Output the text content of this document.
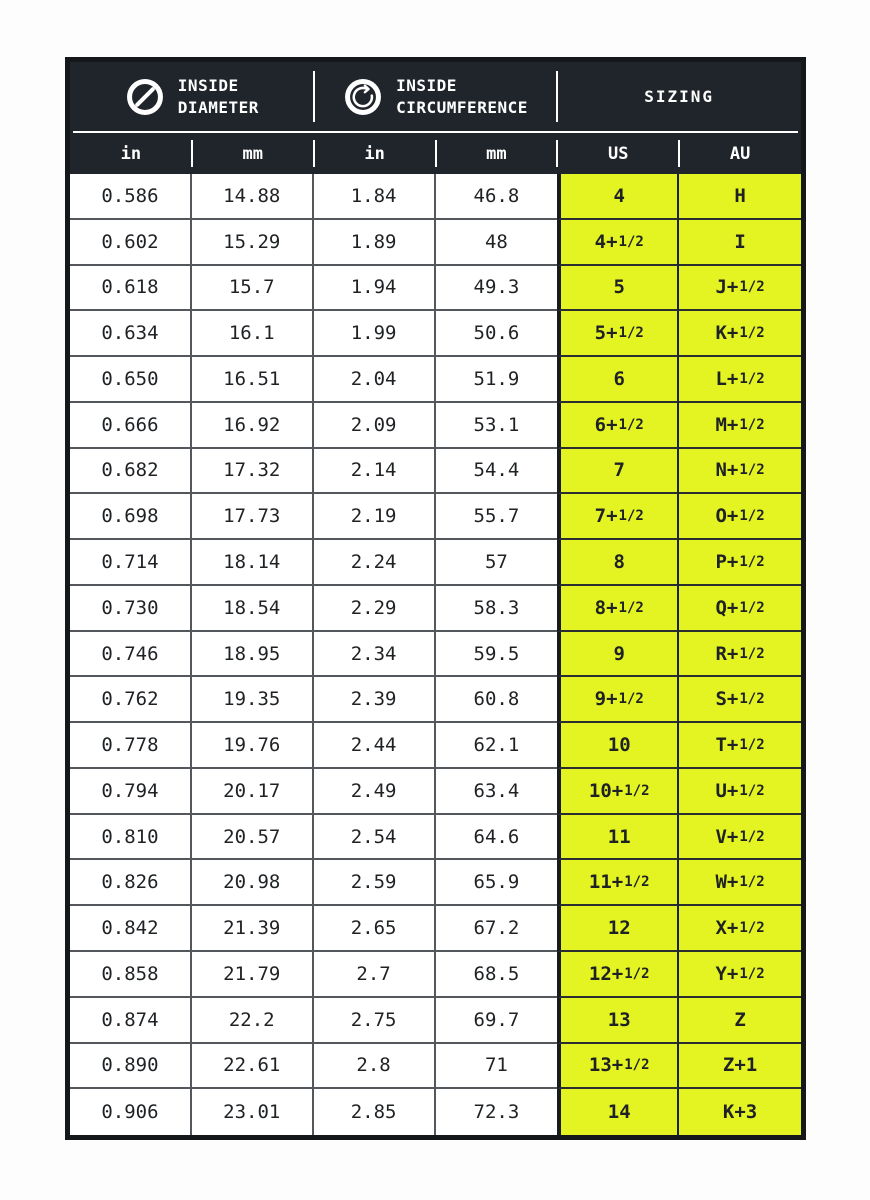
INSIDE
DIAMETER
INSIDE
CIRCUMFERENCE
SIZING
in	mm	in	mm	US	AU
0.586	14.88	1.84	46.8	4	H
0.602	15.29	1.89	48	4+ 1/2	I
0.618	15.7	1.94	49.3	5	J+ 1/2
0.634	16.1	1.99	50.6	5+ 1/2	K+ 1/2
0.650	16.51	2.04	51.9	6	L+ 1/2
0.666	16.92	2.09	53.1	6+ 1/2	M+ 1/2
0.682	17.32	2.14	54.4	7	N+ 1/2
0.698	17.73	2.19	55.7	7+ 1/2	O+ 1/2
0.714	18.14	2.24	57	8	P+ 1/2
0.730	18.54	2.29	58.3	8+ 1/2	Q+ 1/2
0.746	18.95	2.34	59.5	9	R+ 1/2
0.762	19.35	2.39	60.8	9+ 1/2	S+ 1/2
0.778	19.76	2.44	62.1	10	T+ 1/2
0.794	20.17	2.49	63.4	10+ 1/2	U+ 1/2
0.810	20.57	2.54	64.6	11	V+ 1/2
0.826	20.98	2.59	65.9	11+ 1/2	W+ 1/2
0.842	21.39	2.65	67.2	12	X+ 1/2
0.858	21.79	2.7	68.5	12+ 1/2	Y+ 1/2
0.874	22.2	2.75	69.7	13	Z
0.890	22.61	2.8	71	13+ 1/2	Z+1
0.906	23.01	2.85	72.3	14	K+3
